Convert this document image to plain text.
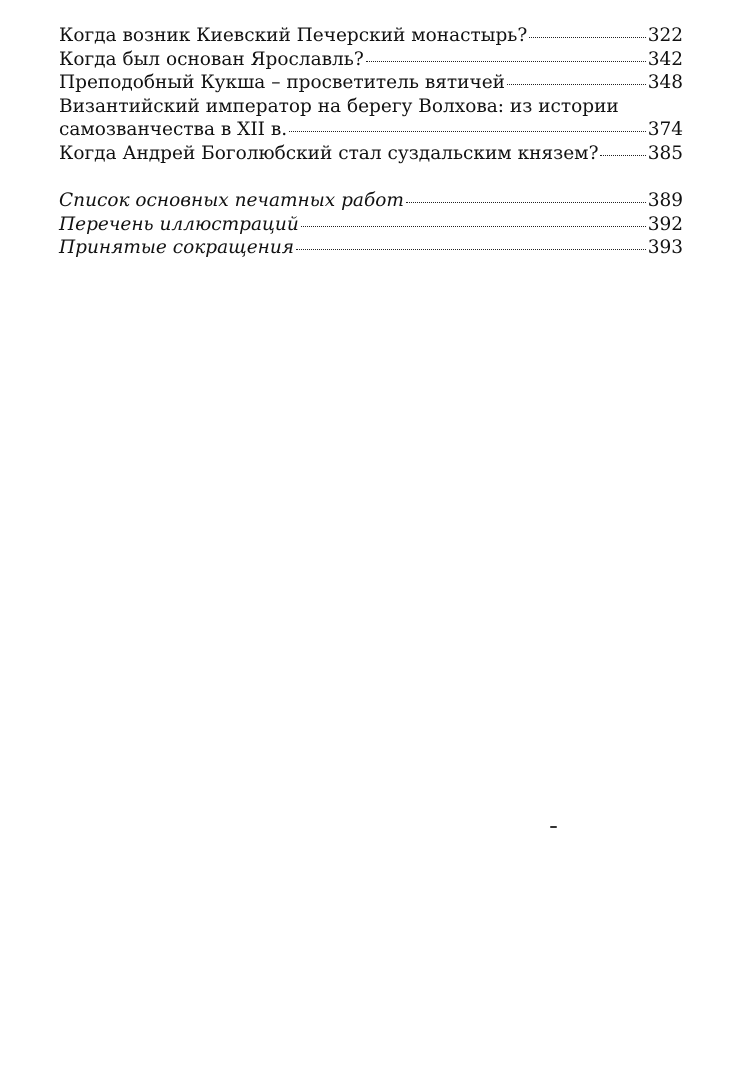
Когда возник Киевский Печерский монастырь?	322
Когда был основан Ярославль?	342
Преподобный Кукша – просветитель вятичей	348
Византийский император на берегу Волхова: из истории
самозванчества в XII в.	374
Когда Андрей Боголюбский стал суздальским князем?	385
Список основных печатных работ	389
Перечень иллюстраций	392
Принятые сокращения	393
